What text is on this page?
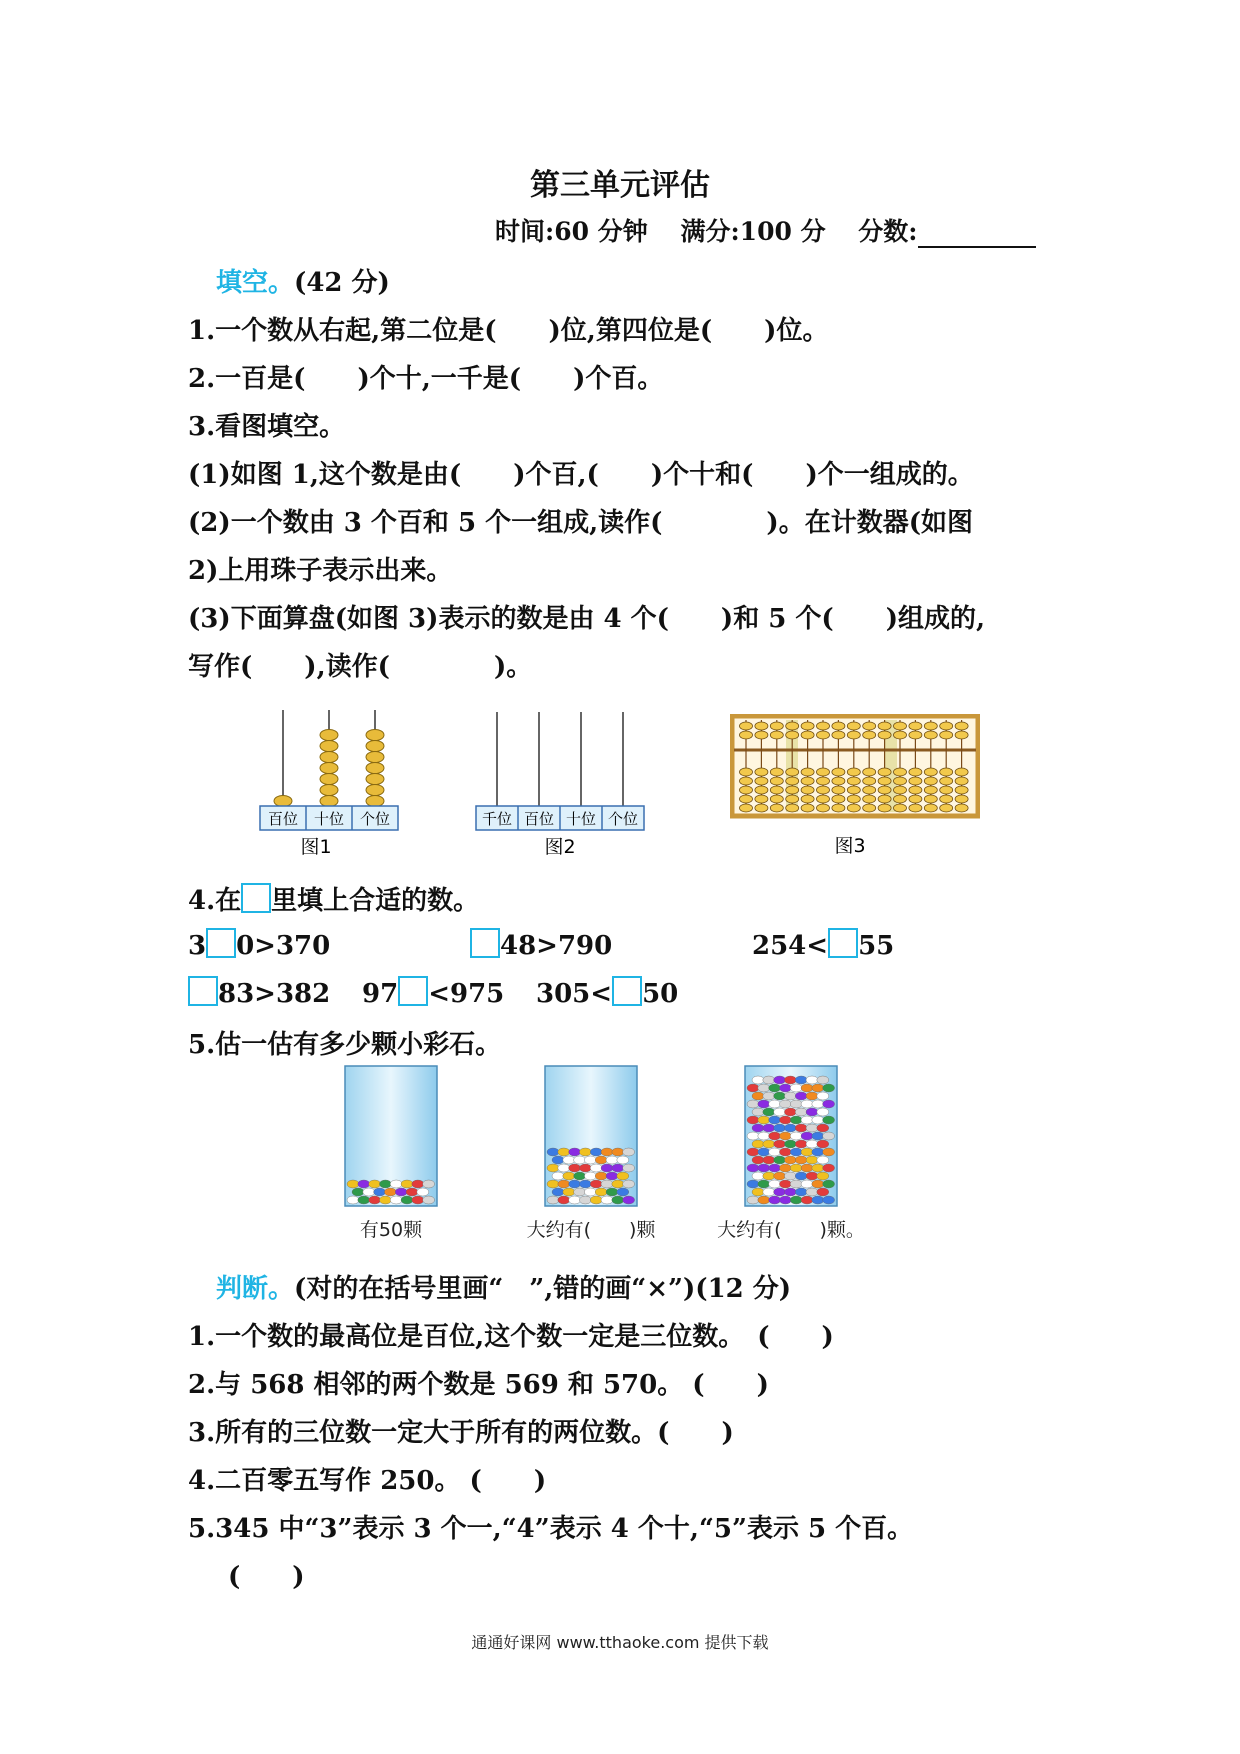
第三单元评估
时间:60 分钟 满分:100 分 分数:
填空。(42 分)
1.一个数从右起,第二位是(　　)位,第四位是(　　)位。
2.一百是(　　)个十,一千是(　　)个百。
3.看图填空。
(1)如图 1,这个数是由(　　)个百,(　　)个十和(　　)个一组成的。
(2)一个数由 3 个百和 5 个一组成,读作(　　　　)。在计数器(如图
2)上用珠子表示出来。
(3)下面算盘(如图 3)表示的数是由 4 个(　　)和 5 个(　　)组成的,
写作(　　),读作(　　　　)。
百位 十位 个位
图1
千位 百位 十位 个位
图2	图3
4.在 里填上合适的数。
3 0>370	48>790	254< 55
83>382 97 <975 305< 50
5.估一估有多少颗小彩石。
有50颗	大约有(　　)颗	大约有(　　)颗。
判断。(对的在括号里画“　”,错的画“×”)(12 分)
1.一个数的最高位是百位,这个数一定是三位数。　(　　)
2.与 568 相邻的两个数是 569 和 570。 (　　)
3.所有的三位数一定大于所有的两位数。(　　)
4.二百零五写作 250。 (　　)
5.345 中“3”表示 3 个一,“4”表示 4 个十,“5”表示 5 个百。
(　　)
通通好课网 www.tthaoke.com 提供下载
